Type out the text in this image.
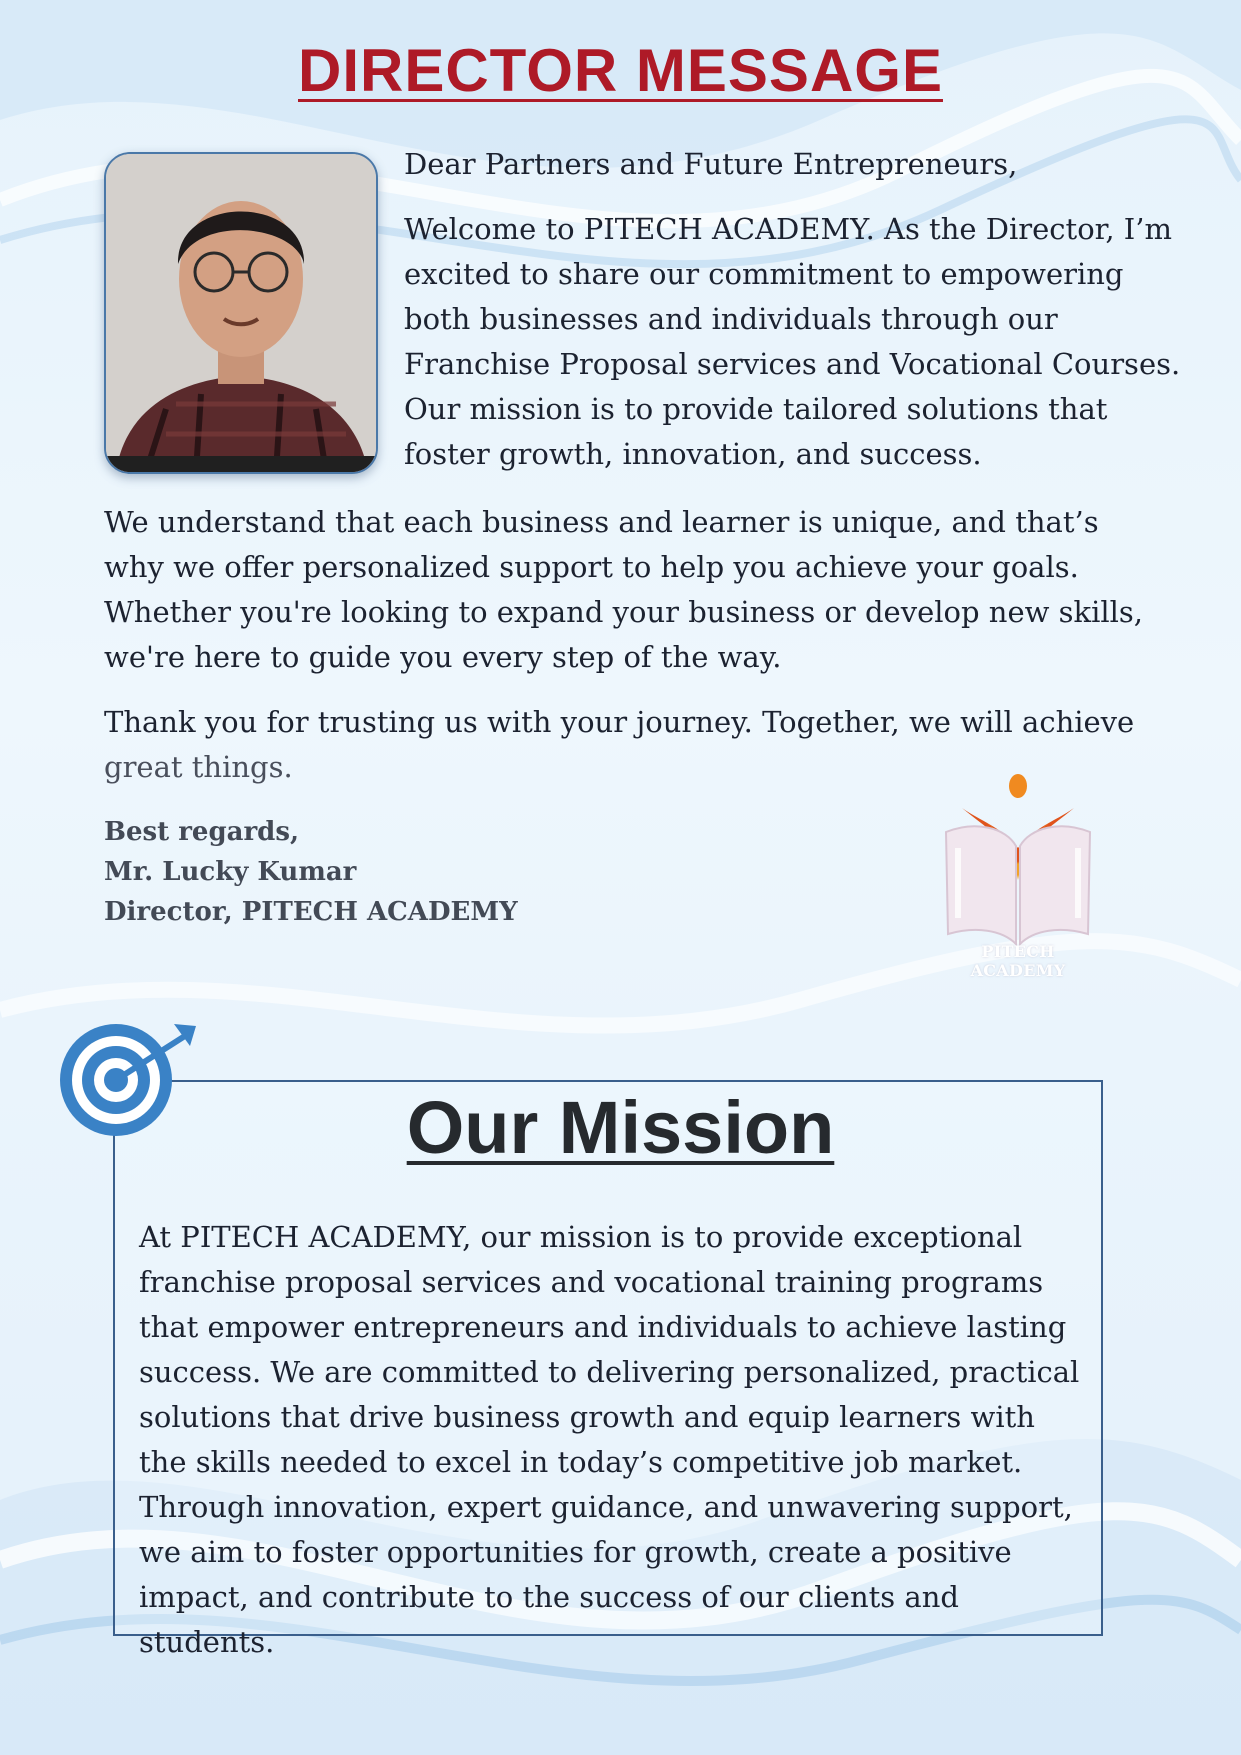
DIRECTOR MESSAGE

Dear Partners and Future Entrepreneurs,

Welcome to PITECH ACADEMY. As the Director, I’m excited to share our commitment to empowering both businesses and individuals through our Franchise Proposal services and Vocational Courses. Our mission is to provide tailored solutions that foster growth, innovation, and success.

We understand that each business and learner is unique, and that’s why we offer personalized support to help you achieve your goals. Whether you're looking to expand your business or develop new skills, we're here to guide you every step of the way.
Thank you for trusting us with your journey. Together, we will achieve great things.
Best regards,
Mr. Lucky Kumar
Director, PITECH ACADEMY
PITECH ACADEMY
Our Mission
At PITECH ACADEMY, our mission is to provide exceptional franchise proposal services and vocational training programs that empower entrepreneurs and individuals to achieve lasting success. We are committed to delivering personalized, practical solutions that drive business growth and equip learners with the skills needed to excel in today’s competitive job market. Through innovation, expert guidance, and unwavering support, we aim to foster opportunities for growth, create a positive impact, and contribute to the success of our clients and students.
